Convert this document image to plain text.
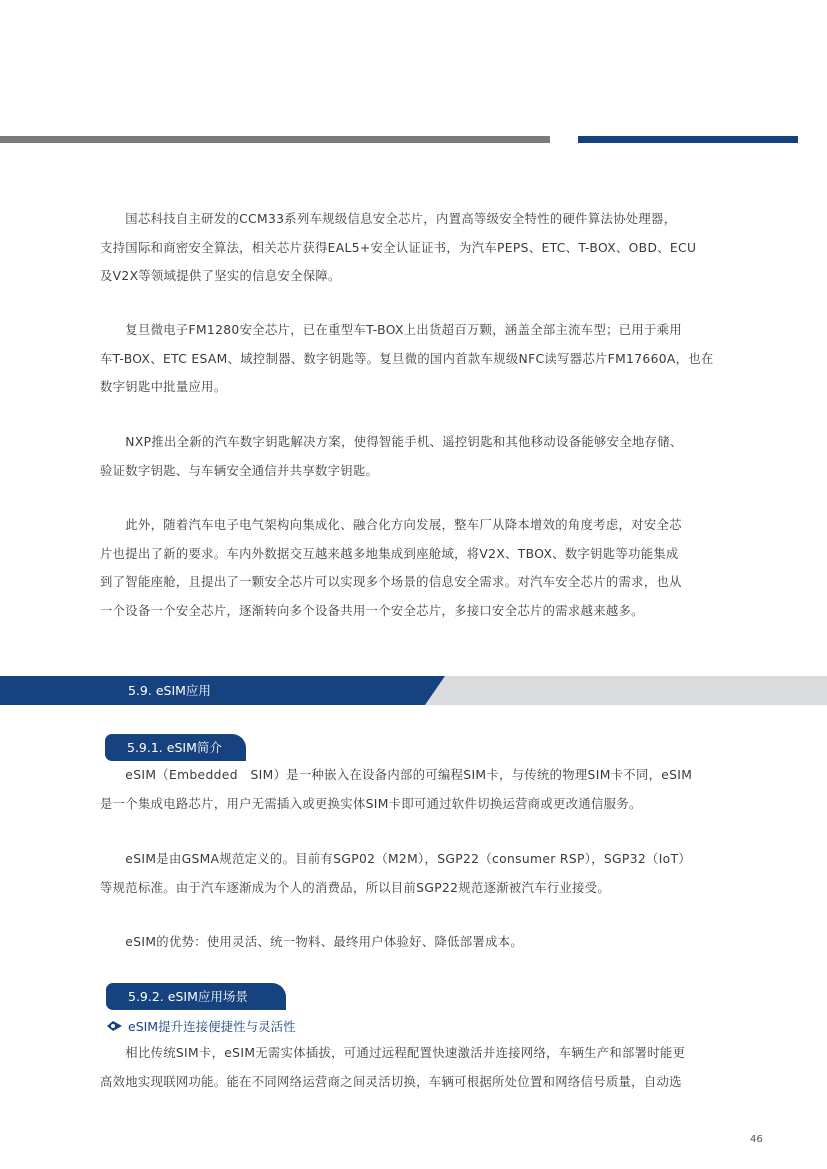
　　国芯科技自主研发的CCM33系列车规级信息安全芯片，内置高等级安全特性的硬件算法协处理器，
支持国际和商密安全算法，相关芯片获得EAL5+安全认证证书，为汽车PEPS、ETC、T-BOX、OBD、ECU
及V2X等领域提供了坚实的信息安全保障。

　　复旦微电子FM1280安全芯片，已在重型车T-BOX上出货超百万颗，涵盖全部主流车型；已用于乘用
车T-BOX、ETC ESAM、域控制器、数字钥匙等。复旦微的国内首款车规级NFC读写器芯片FM17660A，也在
数字钥匙中批量应用。

　　NXP推出全新的汽车数字钥匙解决方案，使得智能手机、遥控钥匙和其他移动设备能够安全地存储、
验证数字钥匙、与车辆安全通信并共享数字钥匙。

　　此外，随着汽车电子电气架构向集成化、融合化方向发展，整车厂从降本增效的角度考虑，对安全芯
片也提出了新的要求。车内外数据交互越来越多地集成到座舱域，将V2X、TBOX、数字钥匙等功能集成
到了智能座舱，且提出了一颗安全芯片可以实现多个场景的信息安全需求。对汽车安全芯片的需求，也从
一个设备一个安全芯片，逐渐转向多个设备共用一个安全芯片，多接口安全芯片的需求越来越多。

5.9. eSIM应用
5.9.1. eSIM简介

　　eSIM（Embedded　SIM）是一种嵌入在设备内部的可编程SIM卡，与传统的物理SIM卡不同，eSIM
是一个集成电路芯片，用户无需插入或更换实体SIM卡即可通过软件切换运营商或更改通信服务。

　　eSIM是由GSMA规范定义的。目前有SGP02（M2M），SGP22（consumer RSP），SGP32（IoT）
等规范标准。由于汽车逐渐成为个人的消费品，所以目前SGP22规范逐渐被汽车行业接受。

　　eSIM的优势：使用灵活、统一物料、最终用户体验好、降低部署成本。

5.9.2. eSIM应用场景
eSIM提升连接便捷性与灵活性

　　相比传统SIM卡，eSIM无需实体插拔，可通过远程配置快速激活并连接网络，车辆生产和部署时能更
高效地实现联网功能。能在不同网络运营商之间灵活切换，车辆可根据所处位置和网络信号质量，自动选

46
